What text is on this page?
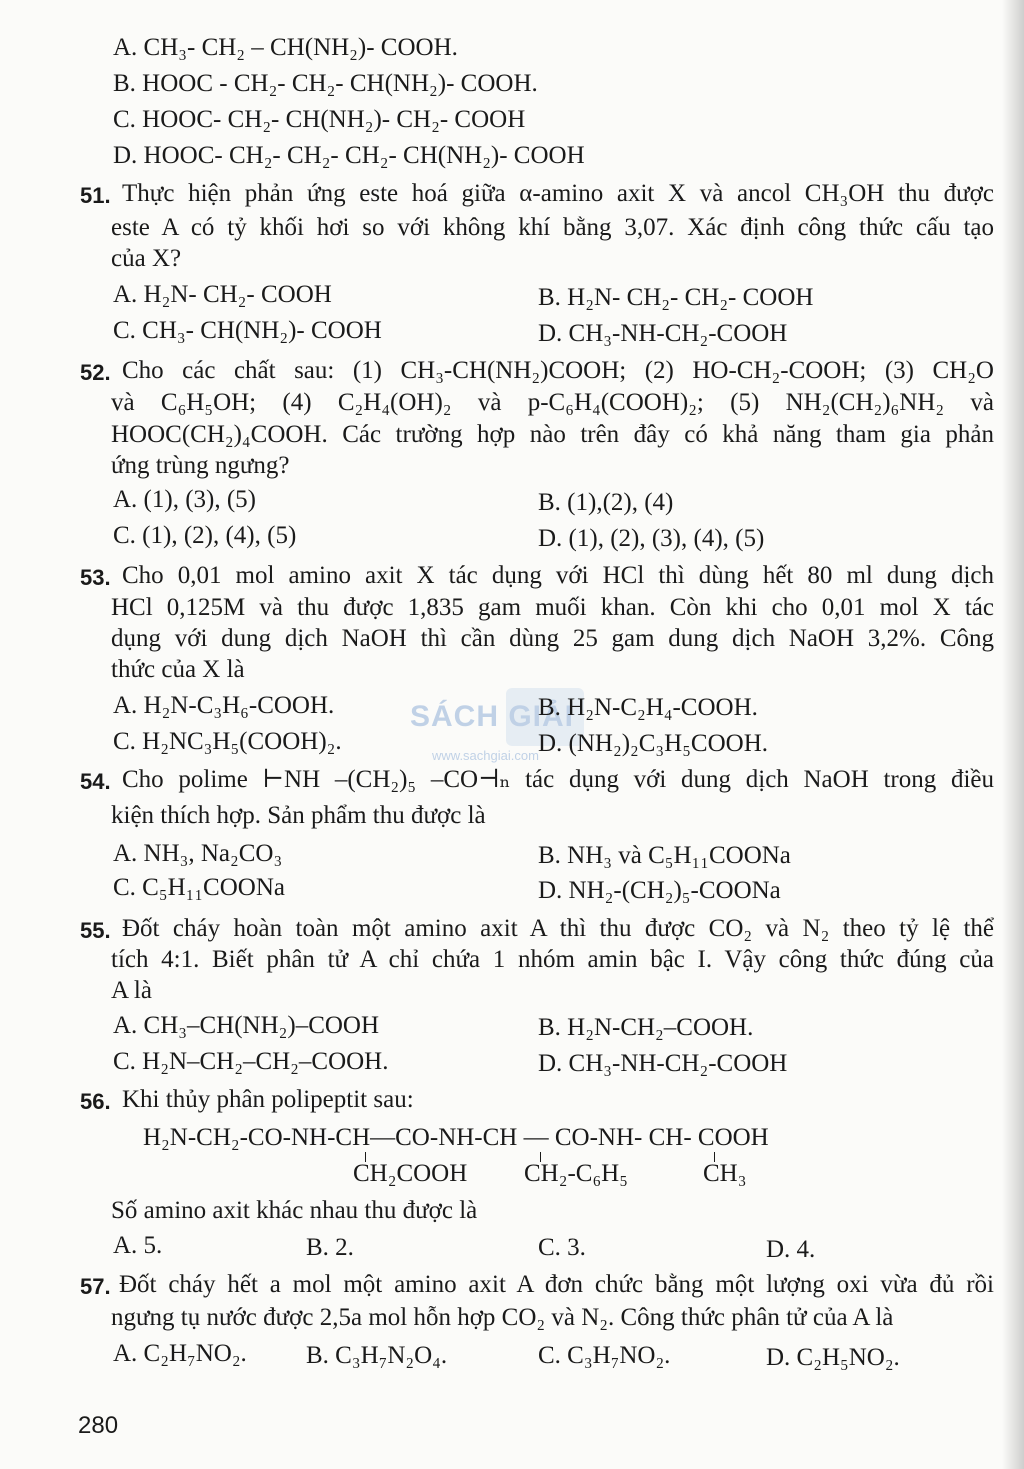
A. CH₃- CH₂ – CH(NH₂)- COOH.
B. HOOC - CH₂- CH₂- CH(NH₂)- COOH.
C. HOOC- CH₂- CH(NH₂)- CH₂- COOH
D. HOOC- CH₂- CH₂- CH₂- CH(NH₂)- COOH
51. Thực hiện phản ứng este hoá giữa α-amino axit X và ancol CH₃OH thu được
este A có tỷ khối hơi so với không khí bằng 3,07. Xác định công thức cấu tạo
của X?
A. H₂N- CH₂- COOH	B. H₂N- CH₂- CH₂- COOH
C. CH₃- CH(NH₂)- COOH	D. CH₃-NH-CH₂-COOH
52. Cho các chất sau: (1) CH₃-CH(NH₂)COOH; (2) HO-CH₂-COOH; (3) CH₂O
và C₆H₅OH; (4) C₂H₄(OH)₂ và p-C₆H₄(COOH)₂; (5) NH₂(CH₂)₆NH₂ và
HOOC(CH₂)₄COOH. Các trường hợp nào trên đây có khả năng tham gia phản
ứng trùng ngưng?
A. (1), (3), (5)	B. (1),(2), (4)
C. (1), (2), (4), (5)	D. (1), (2), (3), (4), (5)
53. Cho 0,01 mol amino axit X tác dụng với HCl thì dùng hết 80 ml dung dịch
HCl 0,125M và thu được 1,835 gam muối khan. Còn khi cho 0,01 mol X tác
dụng với dung dịch NaOH thì cần dùng 25 gam dung dịch NaOH 3,2%. Công
thức của X là
SÁCH GIẢI
www.sachgiai.com
A. H₂N-C₃H₆-COOH.	B. H₂N-C₂H₄-COOH.
C. H₂NC₃H₅(COOH)₂.	D. (NH₂)₂C₃H₅COOH.
54. Cho polime ⊢NH –(CH₂)₅ –CO⊣ₙ tác dụng với dung dịch NaOH trong điều
kiện thích hợp. Sản phẩm thu được là
A. NH₃, Na₂CO₃	B. NH₃ và C₅H₁₁COONa
C. C₅H₁₁COONa	D. NH₂-(CH₂)₅-COONa
55. Đốt cháy hoàn toàn một amino axit A thì thu được CO₂ và N₂ theo tỷ lệ thể
tích 4:1. Biết phân tử A chỉ chứa 1 nhóm amin bậc I. Vậy công thức đúng của
A là
A. CH₃–CH(NH₂)–COOH	B. H₂N-CH₂–COOH.
C. H₂N–CH₂–CH₂–COOH.	D. CH₃-NH-CH₂-COOH
56. Khi thủy phân polipeptit sau:
H₂N-CH₂-CO-NH-CH—CO-NH-CH — CO-NH- CH- COOH
CH₂COOH CH₂-C₆H₅	CH₃
Số amino axit khác nhau thu được là
A. 5.	B. 2.	C. 3.	D. 4.
57. Đốt cháy hết a mol một amino axit A đơn chức bằng một lượng oxi vừa đủ rồi
ngưng tụ nước được 2,5a mol hỗn hợp CO₂ và N₂. Công thức phân tử của A là
A. C₂H₇NO₂. B. C₃H₇N₂O₄.	C. C₃H₇NO₂.	D. C₂H₅NO₂.
280
